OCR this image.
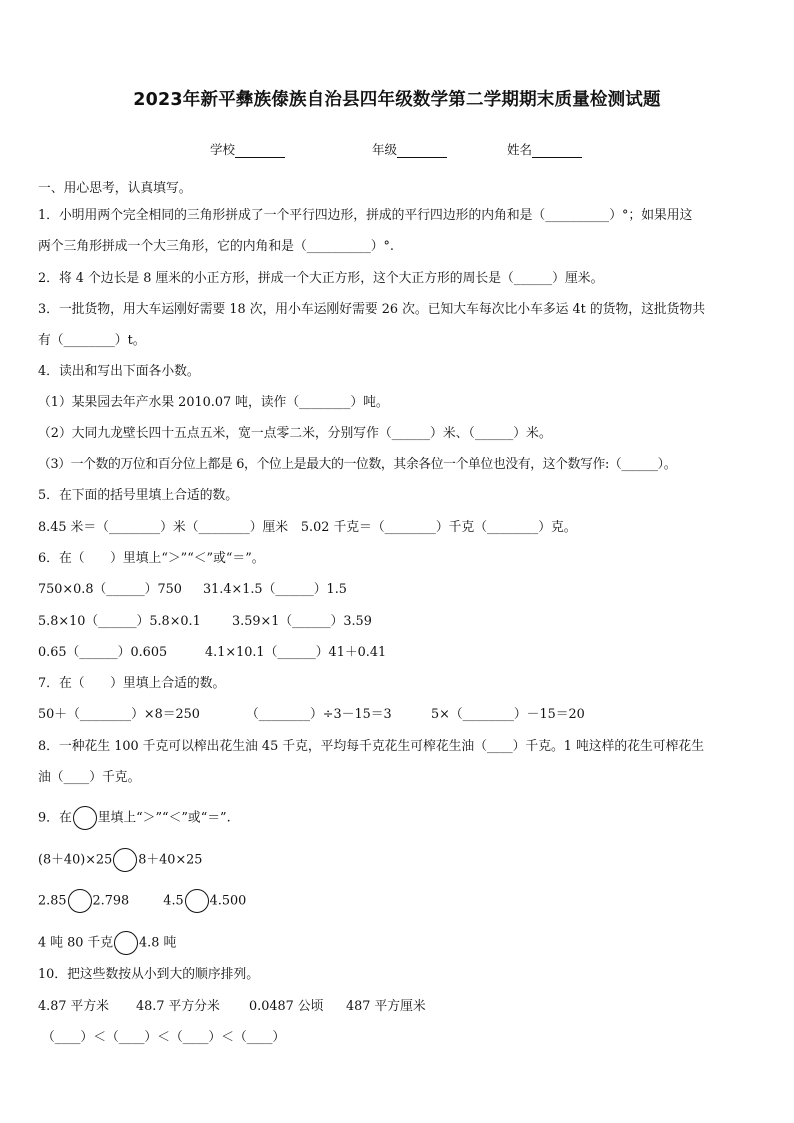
2023年新平彝族傣族自治县四年级数学第二学期期末质量检测试题
学校	年级	姓名
一、用心思考，认真填写。
1．小明用两个完全相同的三角形拼成了一个平行四边形，拼成的平行四边形的内角和是（__________）°；如果用这
两个三角形拼成一个大三角形，它的内角和是（__________）°.
2．将 4 个边长是 8 厘米的小正方形，拼成一个大正方形，这个大正方形的周长是（______）厘米。
3．一批货物，用大车运刚好需要 18 次，用小车运刚好需要 26 次。已知大车每次比小车多运 4t 的货物，这批货物共
有（________）t。
4．读出和写出下面各小数。
（1）某果园去年产水果 2010.07 吨，读作（________）吨。
（2）大同九龙壁长四十五点五米，宽一点零二米，分别写作（______）米、（______）米。
（3）一个数的万位和百分位上都是 6，个位上是最大的一位数，其余各位一个单位也没有，这个数写作:（______）。
5．在下面的括号里填上合适的数。
8.45 米＝（________）米（________）厘米　5.02 千克＝（________）千克（________）克。
6．在（　　）里填上“＞”“＜”或“＝”。
750×0.8（______）750 31.4×1.5（______）1.5
5.8×10（______）5.8×0.1 3.59×1（______）3.59
0.65（______）0.605	4.1×10.1（______）41＋0.41
7．在（　　）里填上合适的数。
50＋（________）×8＝250	（________）÷3－15＝3	5×（________）－15＝20
8．一种花生 100 千克可以榨出花生油 45 千克，平均每千克花生可榨花生油（____）千克。1 吨这样的花生可榨花生
油（____）千克。
9．在 里填上“＞”“＜”或“＝”.
(8＋40)×25 8＋40×25
2.85 2.798	4.5 4.500
4 吨 80 千克 4.8 吨
10．把这些数按从小到大的顺序排列。
4.87 平方米 48.7 平方分米 0.0487 公顷 487 平方厘米
（____）＜（____）＜（____）＜（____）
